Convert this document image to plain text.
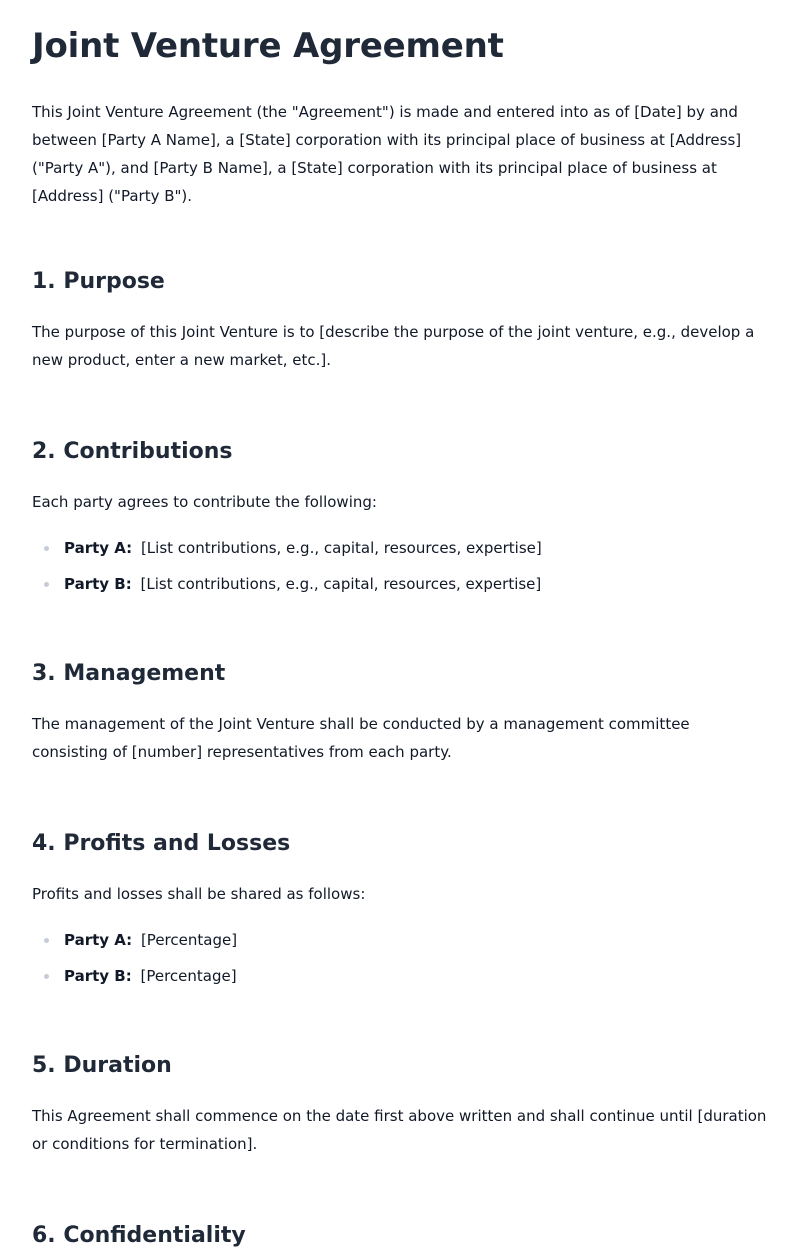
Joint Venture Agreement

This Joint Venture Agreement (the "Agreement") is made and entered into as of [Date] by and between [Party A Name], a [State] corporation with its principal place of business at [Address] ("Party A"), and [Party B Name], a [State] corporation with its principal place of business at [Address] ("Party B").

1. Purpose

The purpose of this Joint Venture is to [describe the purpose of the joint venture, e.g., develop a new product, enter a new market, etc.].

2. Contributions

Each party agrees to contribute the following:

Party A: [List contributions, e.g., capital, resources, expertise]
Party B: [List contributions, e.g., capital, resources, expertise]
3. Management

The management of the Joint Venture shall be conducted by a management committee consisting of [number] representatives from each party.

4. Profits and Losses

Profits and losses shall be shared as follows:

Party A: [Percentage]
Party B: [Percentage]
5. Duration

This Agreement shall commence on the date first above written and shall continue until [duration or conditions for termination].

6. Confidentiality
